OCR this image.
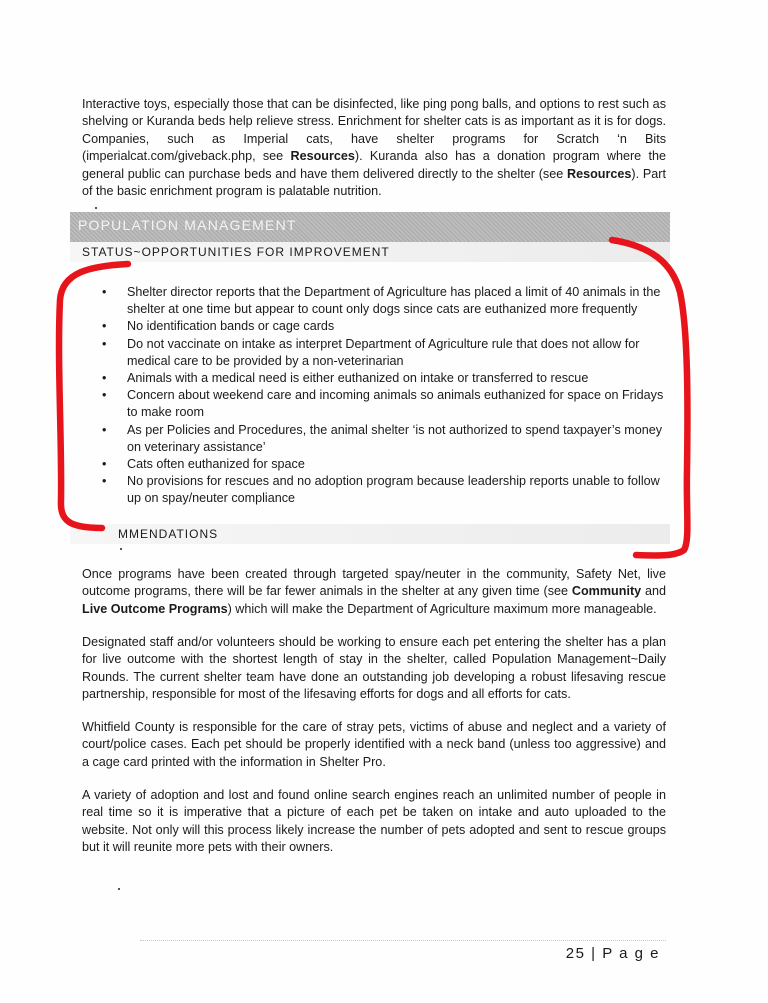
Interactive toys, especially those that can be disinfected, like ping pong balls, and options to rest such as shelving or Kuranda beds help relieve stress. Enrichment for shelter cats is as important as it is for dogs. Companies, such as Imperial cats, have shelter programs for Scratch ‘n Bits (imperialcat.com/giveback.php, see Resources). Kuranda also has a donation program where the general public can purchase beds and have them delivered directly to the shelter (see Resources). Part of the basic enrichment program is palatable nutrition.

POPULATION MANAGEMENT
STATUS~OPPORTUNITIES FOR IMPROVEMENT
• Shelter director reports that the Department of Agriculture has placed a limit of 40 animals in the shelter at one time but appear to count only dogs since cats are euthanized more frequently
• No identification bands or cage cards
• Do not vaccinate on intake as interpret Department of Agriculture rule that does not allow for medical care to be provided by a non-veterinarian
• Animals with a medical need is either euthanized on intake or transferred to rescue
• Concern about weekend care and incoming animals so animals euthanized for space on Fridays to make room
• As per Policies and Procedures, the animal shelter ‘is not authorized to spend taxpayer’s money on veterinary assistance’
• Cats often euthanized for space
• No provisions for rescues and no adoption program because leadership reports unable to follow up on spay/neuter compliance
MMENDATIONS

Once programs have been created through targeted spay/neuter in the community, Safety Net, live outcome programs, there will be far fewer animals in the shelter at any given time (see Community and Live Outcome Programs) which will make the Department of Agriculture maximum more manageable.

Designated staff and/or volunteers should be working to ensure each pet entering the shelter has a plan for live outcome with the shortest length of stay in the shelter, called Population Management~Daily Rounds. The current shelter team have done an outstanding job developing a robust lifesaving rescue partnership, responsible for most of the lifesaving efforts for dogs and all efforts for cats.

Whitfield County is responsible for the care of stray pets, victims of abuse and neglect and a variety of court/police cases. Each pet should be properly identified with a neck band (unless too aggressive) and a cage card printed with the information in Shelter Pro.

A variety of adoption and lost and found online search engines reach an unlimited number of people in real time so it is imperative that a picture of each pet be taken on intake and auto uploaded to the website. Not only will this process likely increase the number of pets adopted and sent to rescue groups but it will reunite more pets with their owners.

25 | P a g e
